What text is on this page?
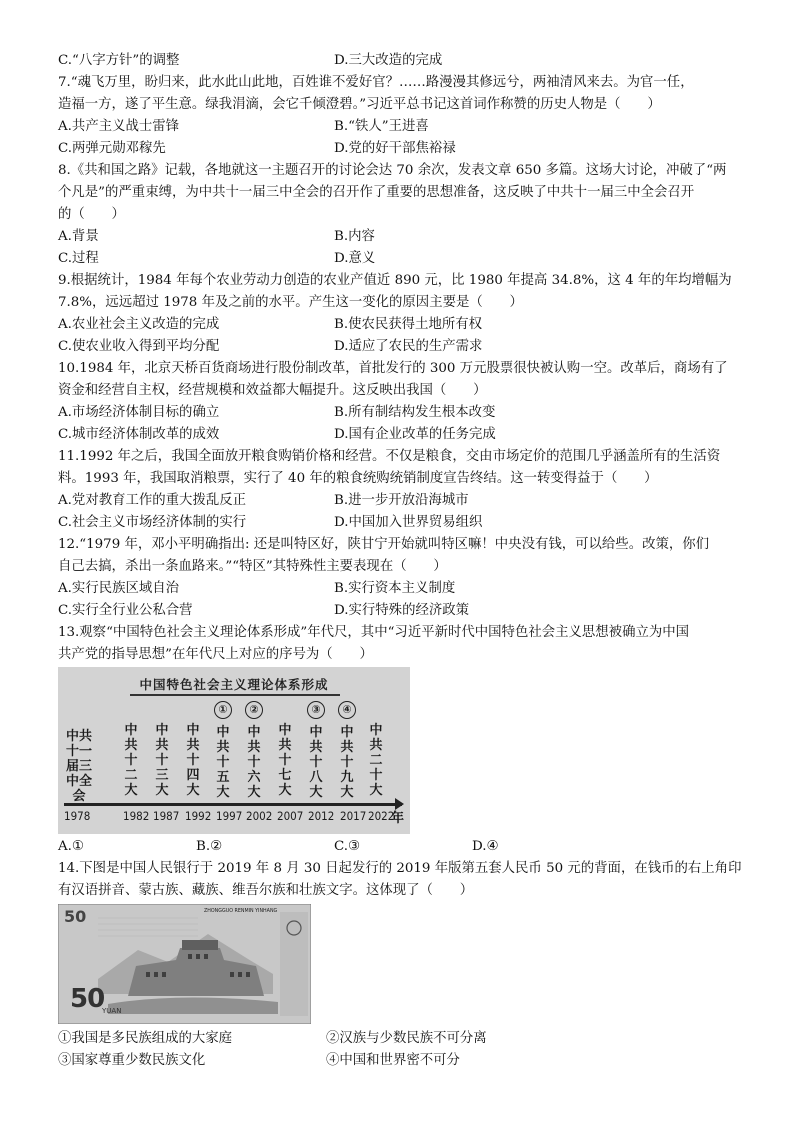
C.“八字方针”的调整	D.三大改造的完成
7.“魂飞万里，盼归来，此水此山此地，百姓谁不爱好官？……路漫漫其修远兮，两袖清风来去。为官一任，
造福一方，遂了平生意。绿我涓滴，会它千倾澄碧。”习近平总书记这首词作称赞的历史人物是（　　）
A.共产主义战士雷锋	B.“铁人”王进喜
C.两弹元勋邓稼先	D.党的好干部焦裕禄
8.《共和国之路》记载，各地就这一主题召开的讨论会达 70 余次，发表文章 650 多篇。这场大讨论，冲破了“两
个凡是”的严重束缚，为中共十一届三中全会的召开作了重要的思想准备，这反映了中共十一届三中全会召开
的（　　）
A.背景	B.内容
C.过程	D.意义
9.根据统计，1984 年每个农业劳动力创造的农业产值近 890 元，比 1980 年提高 34.8%，这 4 年的年均增幅为
7.8%，远远超过 1978 年及之前的水平。产生这一变化的原因主要是（　　）
A.农业社会主义改造的完成	B.使农民获得土地所有权
C.使农业收入得到平均分配	D.适应了农民的生产需求
10.1984 年，北京天桥百货商场进行股份制改革，首批发行的 300 万元股票很快被认购一空。改革后，商场有了
资金和经营自主权，经营规模和效益都大幅提升。这反映出我国（　　）
A.市场经济体制目标的确立	B.所有制结构发生根本改变
C.城市经济体制改革的成效	D.国有企业改革的任务完成
11.1992 年之后，我国全面放开粮食购销价格和经营。不仅是粮食，交由市场定价的范围几乎涵盖所有的生活资
料。1993 年，我国取消粮票，实行了 40 年的粮食统购统销制度宣告终结。这一转变得益于（　　）
A.党对教育工作的重大拨乱反正	B.进一步开放沿海城市
C.社会主义市场经济体制的实行	D.中国加入世界贸易组织
12.“1979 年，邓小平明确指出: 还是叫特区好，陕甘宁开始就叫特区嘛！中央没有钱，可以给些。改策，你们
自己去搞，杀出一条血路来。”“特区”其特殊性主要表现在（　　）
A.实行民族区域自治	B.实行资本主义制度
C.实行全行业公私合营	D.实行特殊的经济政策
13.观察“中国特色社会主义理论体系形成”年代尺，其中“习近平新时代中国特色社会主义思想被确立为中国
共产党的指导思想”在年代尺上对应的序号为（　　）
中国特色社会主义理论体系形成
年
中共十一届三中全会
1978
中共十二大
1982
中共十三大
1987
中共十四大
1992
中共十五大
①
1997
中共十六大
②
2002
中共十七大
2007
中共十八大
③
2012
中共十九大
④
2017
中共二十大
2022
A.①	B.②	C.③	D.④
14.下图是中国人民银行于 2019 年 8 月 30 日起发行的 2019 年版第五套人民币 50 元的背面，在钱币的右上角印
有汉语拼音、蒙古族、藏族、维吾尔族和壮族文字。这体现了（　　）
50	ZHONGGUO RENMIN YINHANG
50
YUAN
①我国是多民族组成的大家庭	②汉族与少数民族不可分离
③国家尊重少数民族文化	④中国和世界密不可分
